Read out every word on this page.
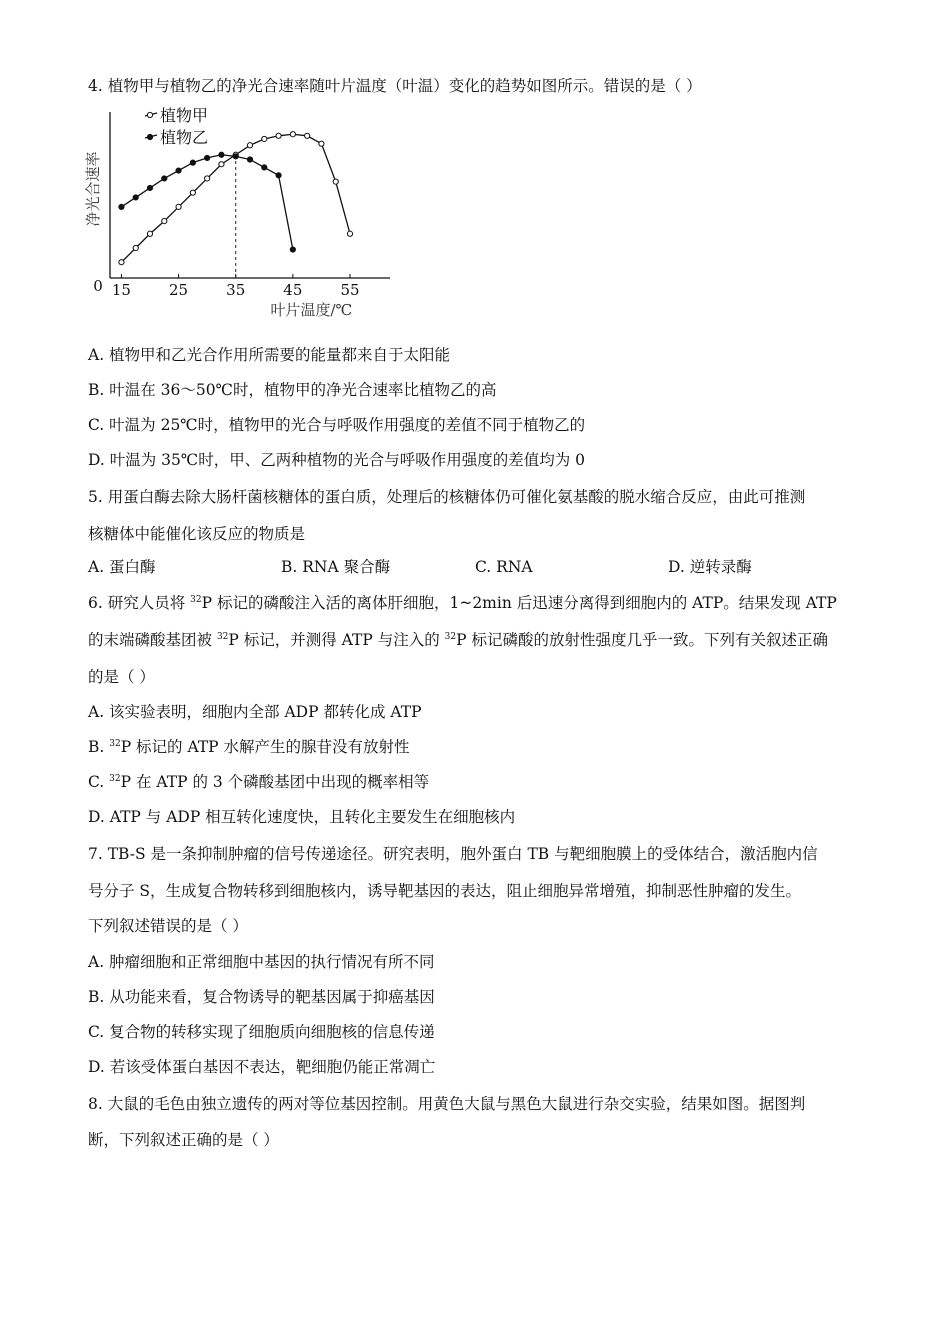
4. 植物甲与植物乙的净光合速率随叶片温度（叶温）变化的趋势如图所示。错误的是（ ）
15	25	35	45	55
0
叶片温度/℃
净光合速率
植物甲
植物乙
A. 植物甲和乙光合作用所需要的能量都来自于太阳能
B. 叶温在 36～50℃时，植物甲的净光合速率比植物乙的高
C. 叶温为 25℃时，植物甲的光合与呼吸作用强度的差值不同于植物乙的
D. 叶温为 35℃时，甲、乙两种植物的光合与呼吸作用强度的差值均为 0
5. 用蛋白酶去除大肠杆菌核糖体的蛋白质，处理后的核糖体仍可催化氨基酸的脱水缩合反应，由此可推测
核糖体中能催化该反应的物质是
A. 蛋白酶	B. RNA 聚合酶	C. RNA	D. 逆转录酶
6. 研究人员将 $^{32}$P 标记的磷酸注入活的离体肝细胞，1~2min 后迅速分离得到细胞内的 ATP。结果发现 ATP
的末端磷酸基团被 $^{32}$P 标记，并测得 ATP 与注入的 $^{32}$P 标记磷酸的放射性强度几乎一致。下列有关叙述正确
的是（ ）
A. 该实验表明，细胞内全部 ADP 都转化成 ATP
B. $^{32}$P 标记的 ATP 水解产生的腺苷没有放射性
C. $^{32}$P 在 ATP 的 3 个磷酸基团中出现的概率相等
D. ATP 与 ADP 相互转化速度快，且转化主要发生在细胞核内
7. TB-S 是一条抑制肿瘤的信号传递途径。研究表明，胞外蛋白 TB 与靶细胞膜上的受体结合，激活胞内信
号分子 S，生成复合物转移到细胞核内，诱导靶基因的表达，阻止细胞异常增殖，抑制恶性肿瘤的发生。
下列叙述错误的是（ ）
A. 肿瘤细胞和正常细胞中基因的执行情况有所不同
B. 从功能来看，复合物诱导的靶基因属于抑癌基因
C. 复合物的转移实现了细胞质向细胞核的信息传递
D. 若该受体蛋白基因不表达，靶细胞仍能正常凋亡
8. 大鼠的毛色由独立遗传的两对等位基因控制。用黄色大鼠与黑色大鼠进行杂交实验，结果如图。据图判
断，下列叙述正确的是（ ）
